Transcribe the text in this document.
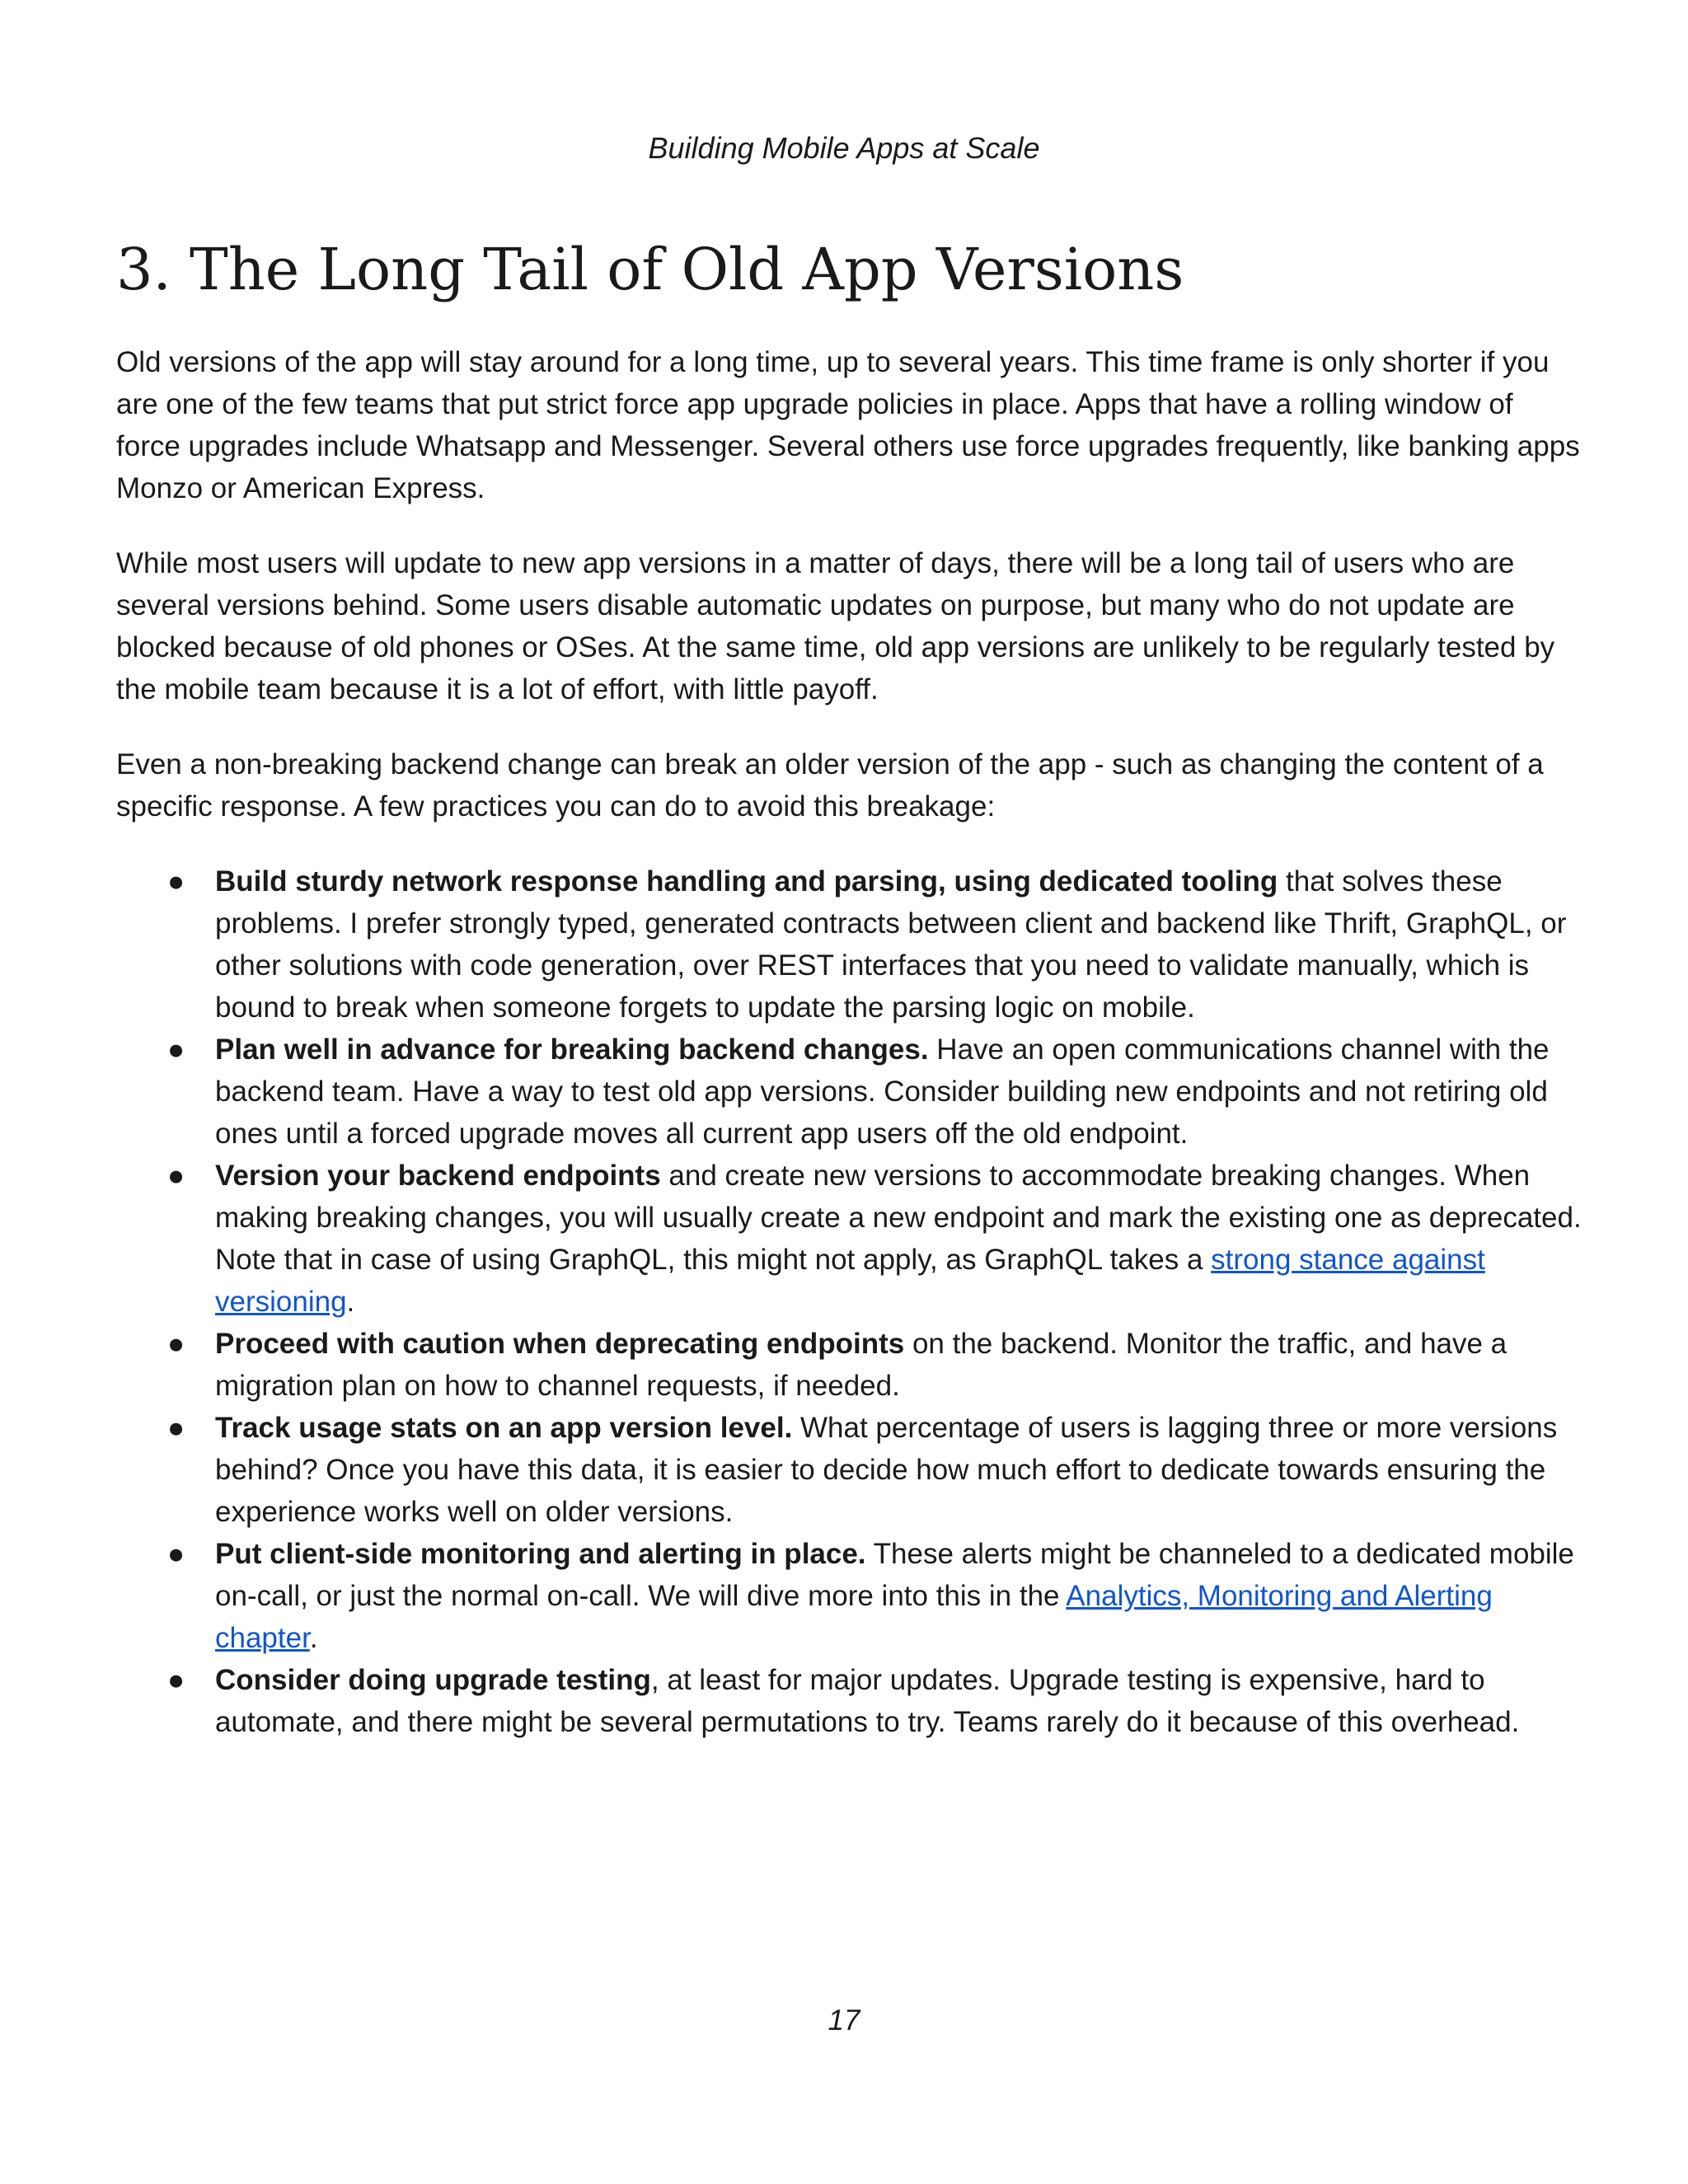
Building Mobile Apps at Scale
3. The Long Tail of Old App Versions

Old versions of the app will stay around for a long time, up to several years. This time frame is only shorter if you are one of the few teams that put strict force app upgrade policies in place. Apps that have a rolling window of force upgrades include Whatsapp and Messenger. Several others use force upgrades frequently, like banking apps Monzo or American Express.

While most users will update to new app versions in a matter of days, there will be a long tail of users who are several versions behind. Some users disable automatic updates on purpose, but many who do not update are blocked because of old phones or OSes. At the same time, old app versions are unlikely to be regularly tested by the mobile team because it is a lot of effort, with little payoff.

Even a non-breaking backend change can break an older version of the app - such as changing the content of a specific response. A few practices you can do to avoid this breakage:

● Build sturdy network response handling and parsing, using dedicated tooling that solves these problems. I prefer strongly typed, generated contracts between client and backend like Thrift, GraphQL, or other solutions with code generation, over REST interfaces that you need to validate manually, which is bound to break when someone forgets to update the parsing logic on mobile.
● Plan well in advance for breaking backend changes. Have an open communications channel with the backend team. Have a way to test old app versions. Consider building new endpoints and not retiring old ones until a forced upgrade moves all current app users off the old endpoint.
● Version your backend endpoints and create new versions to accommodate breaking changes. When making breaking changes, you will usually create a new endpoint and mark the existing one as deprecated. Note that in case of using GraphQL, this might not apply, as GraphQL takes a strong stance against versioning.
● Proceed with caution when deprecating endpoints on the backend. Monitor the traffic, and have a migration plan on how to channel requests, if needed.
● Track usage stats on an app version level. What percentage of users is lagging three or more versions behind? Once you have this data, it is easier to decide how much effort to dedicate towards ensuring the experience works well on older versions.
● Put client-side monitoring and alerting in place. These alerts might be channeled to a dedicated mobile on-call, or just the normal on-call. We will dive more into this in the Analytics, Monitoring and Alerting chapter.
● Consider doing upgrade testing, at least for major updates. Upgrade testing is expensive, hard to automate, and there might be several permutations to try. Teams rarely do it because of this overhead.
17
